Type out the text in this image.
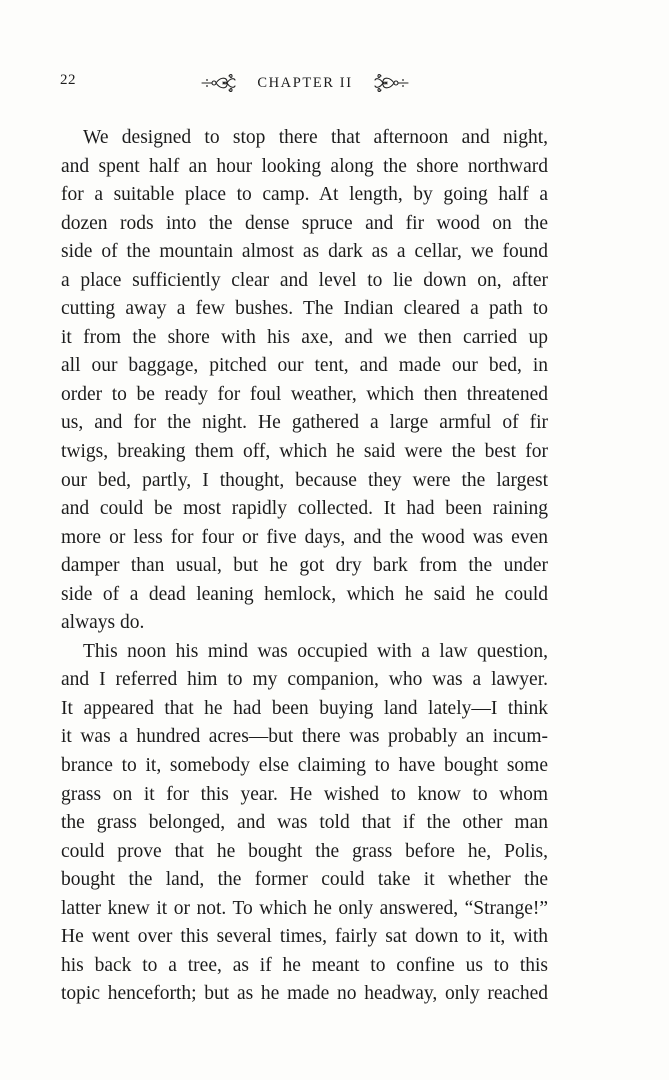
22	CHAPTER II
We designed to stop there that afternoon and night,
and spent half an hour looking along the shore northward
for a suitable place to camp. At length, by going half a
dozen rods into the dense spruce and fir wood on the
side of the mountain almost as dark as a cellar, we found
a place sufficiently clear and level to lie down on, after
cutting away a few bushes. The Indian cleared a path to
it from the shore with his axe, and we then carried up
all our baggage, pitched our tent, and made our bed, in
order to be ready for foul weather, which then threatened
us, and for the night. He gathered a large armful of fir
twigs, breaking them off, which he said were the best for
our bed, partly, I thought, because they were the largest
and could be most rapidly collected. It had been raining
more or less for four or five days, and the wood was even
damper than usual, but he got dry bark from the under
side of a dead leaning hemlock, which he said he could
always do.
This noon his mind was occupied with a law question,
and I referred him to my companion, who was a lawyer.
It appeared that he had been buying land lately—I think
it was a hundred acres—but there was probably an incum-
brance to it, somebody else claiming to have bought some
grass on it for this year. He wished to know to whom
the grass belonged, and was told that if the other man
could prove that he bought the grass before he, Polis,
bought the land, the former could take it whether the
latter knew it or not. To which he only answered, “Strange!”
He went over this several times, fairly sat down to it, with
his back to a tree, as if he meant to confine us to this
topic henceforth; but as he made no headway, only reached
